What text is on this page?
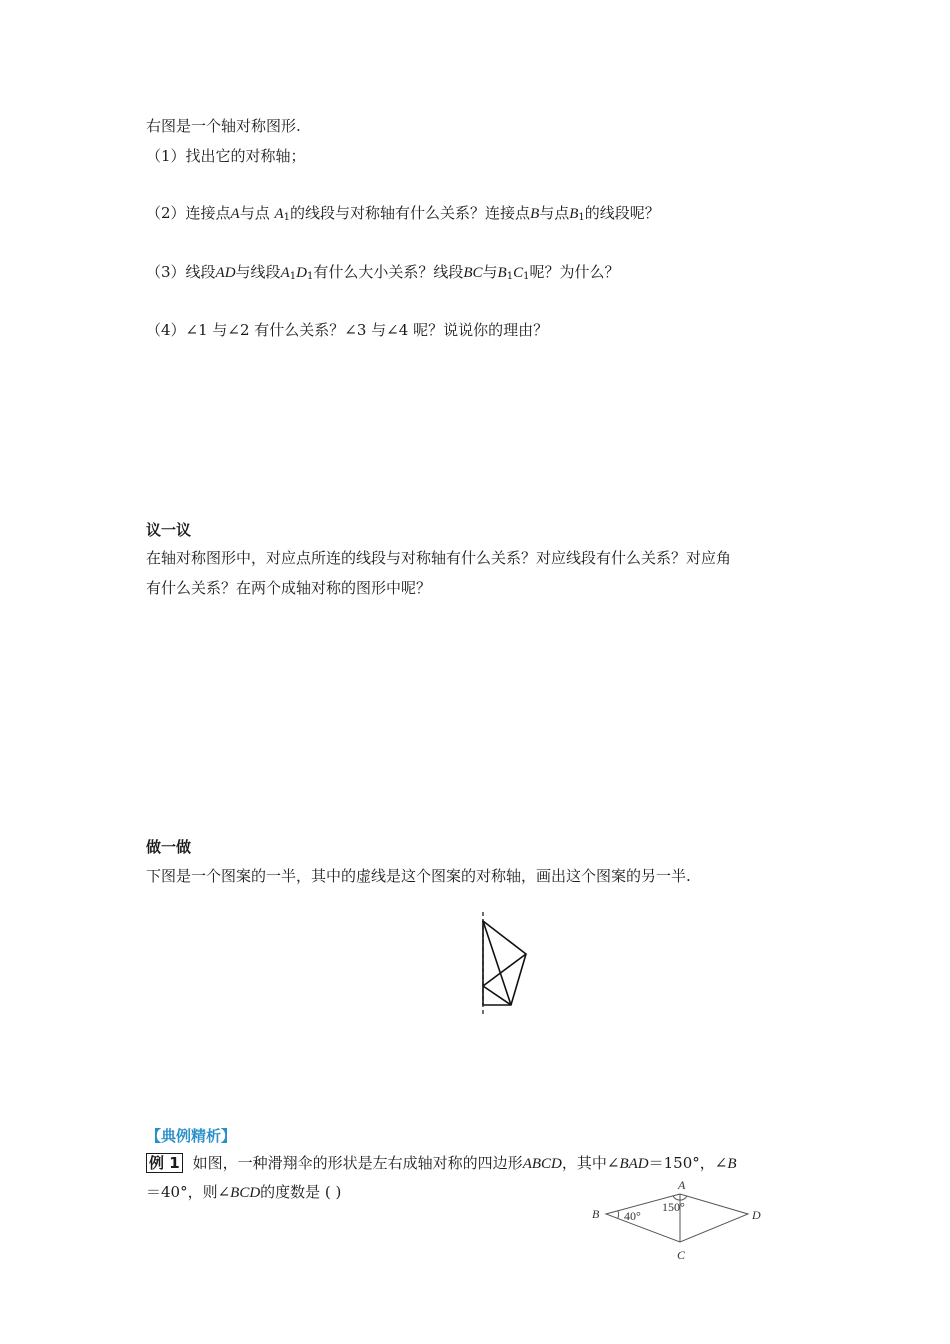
右图是一个轴对称图形.
（1）找出它的对称轴；
（2）连接点A与点 $A_1$的线段与对称轴有什么关系？连接点B与点$B_1$的线段呢？
（3）线段AD与线段$A_1D_1$有什么大小关系？线段BC与$B_1C_1$呢？为什么？
（4）∠1 与∠2 有什么关系？∠3 与∠4 呢？说说你的理由？
议一议
在轴对称图形中，对应点所连的线段与对称轴有什么关系？对应线段有什么关系？对应角
有什么关系？在两个成轴对称的图形中呢？
做一做
下图是一个图案的一半，其中的虚线是这个图案的对称轴，画出这个图案的另一半.
【典例精析】
例 1 如图，一种滑翔伞的形状是左右成轴对称的四边形ABCD，其中∠BAD＝150°，∠B
＝40°，则∠BCD的度数是 ( )	A
B
C
D
40°
150°
